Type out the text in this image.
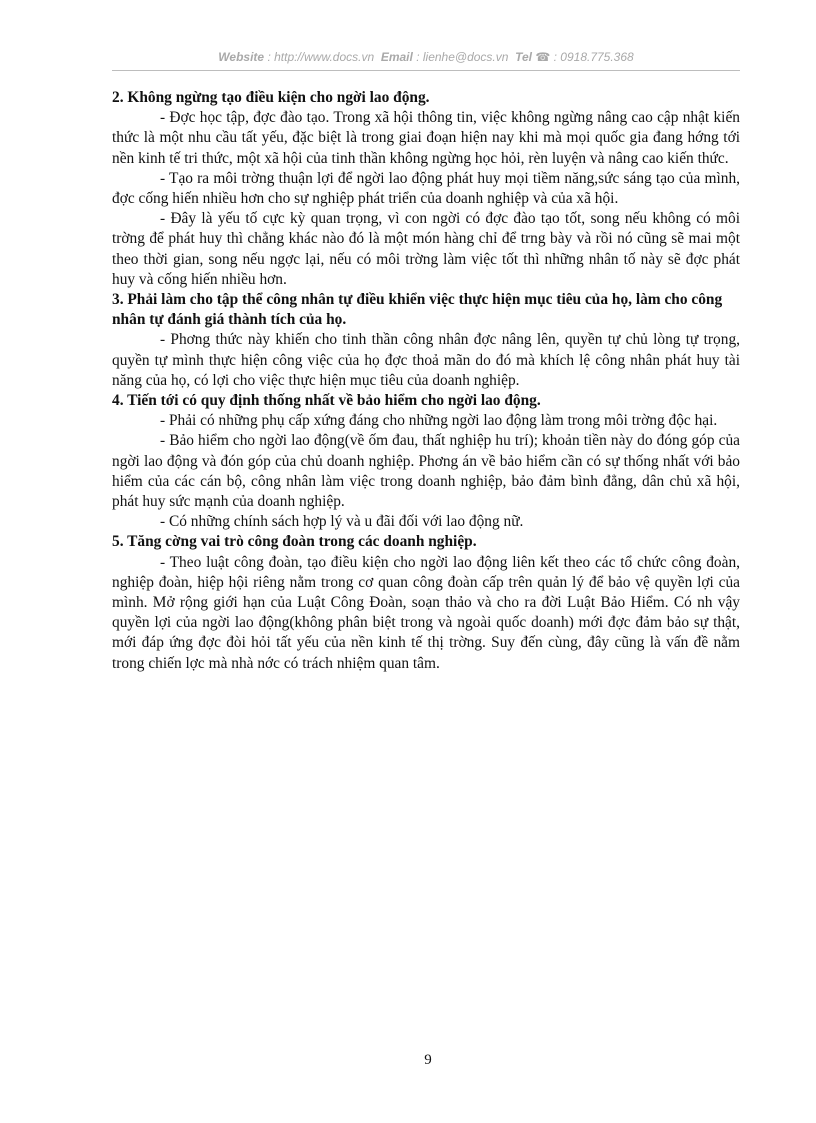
Website : http://www.docs.vn Email : lienhe@docs.vn Tel ☎ : 0918.775.368
2. Không ngừng tạo điều kiện cho ngời lao động.

- Đợc học tập, đợc đào tạo. Trong xã hội thông tin, việc không ngừng nâng cao cập nhật kiến thức là một nhu cầu tất yếu, đặc biệt là trong giai đoạn hiện nay khi mà mọi quốc gia đang hớng tới nền kinh tế tri thức, một xã hội của tinh thần không ngừng học hỏi, rèn luyện và nâng cao kiến thức.

- Tạo ra môi trờng thuận lợi để ngời lao động phát huy mọi tiềm năng,sức sáng tạo của mình, đợc cống hiến nhiều hơn cho sự nghiệp phát triển của doanh nghiệp và của xã hội.

- Đây là yếu tố cực kỳ quan trọng, vì con ngời có đợc đào tạo tốt, song nếu không có môi trờng để phát huy thì chẳng khác nào đó là một món hàng chỉ để trng bày và rồi nó cũng sẽ mai một theo thời gian, song nếu ngợc lại, nếu có môi trờng làm việc tốt thì những nhân tố này sẽ đợc phát huy và cống hiến nhiều hơn.

3. Phải làm cho tập thể công nhân tự điều khiển việc thực hiện mục tiêu của họ, làm cho công nhân tự đánh giá thành tích của họ.

- Phơng thức này khiến cho tinh thần công nhân đợc nâng lên, quyền tự chủ lòng tự trọng, quyền tự mình thực hiện công việc của họ đợc thoả mãn do đó mà khích lệ công nhân phát huy tài năng của họ, có lợi cho việc thực hiện mục tiêu của doanh nghiệp.

4. Tiến tới có quy định thống nhất về bảo hiểm cho ngời lao động.

- Phải có những phụ cấp xứng đáng cho những ngời lao động làm trong môi trờng độc hại.

- Bảo hiểm cho ngời lao động(về ốm đau, thất nghiệp hu trí); khoản tiền này do đóng góp của ngời lao động và đón góp của chủ doanh nghiệp. Phơng án về bảo hiểm cần có sự thống nhất với bảo hiểm của các cán bộ, công nhân làm việc trong doanh nghiệp, bảo đảm bình đẳng, dân chủ xã hội, phát huy sức mạnh của doanh nghiệp.

- Có những chính sách hợp lý và u đãi đối với lao động nữ.

5. Tăng cờng vai trò công đoàn trong các doanh nghiệp.

- Theo luật công đoàn, tạo điều kiện cho ngời lao động liên kết theo các tổ chức công đoàn, nghiệp đoàn, hiệp hội riêng nằm trong cơ quan công đoàn cấp trên quản lý để bảo vệ quyền lợi của mình. Mở rộng giới hạn của Luật Công Đoàn, soạn thảo và cho ra đời Luật Bảo Hiểm. Có nh vậy quyền lợi của ngời lao động(không phân biệt trong và ngoài quốc doanh) mới đợc đảm bảo sự thật, mới đáp ứng đợc đòi hỏi tất yếu của nền kinh tế thị trờng. Suy đến cùng, đây cũng là vấn đề nằm trong chiến lợc mà nhà nớc có trách nhiệm quan tâm.

9
